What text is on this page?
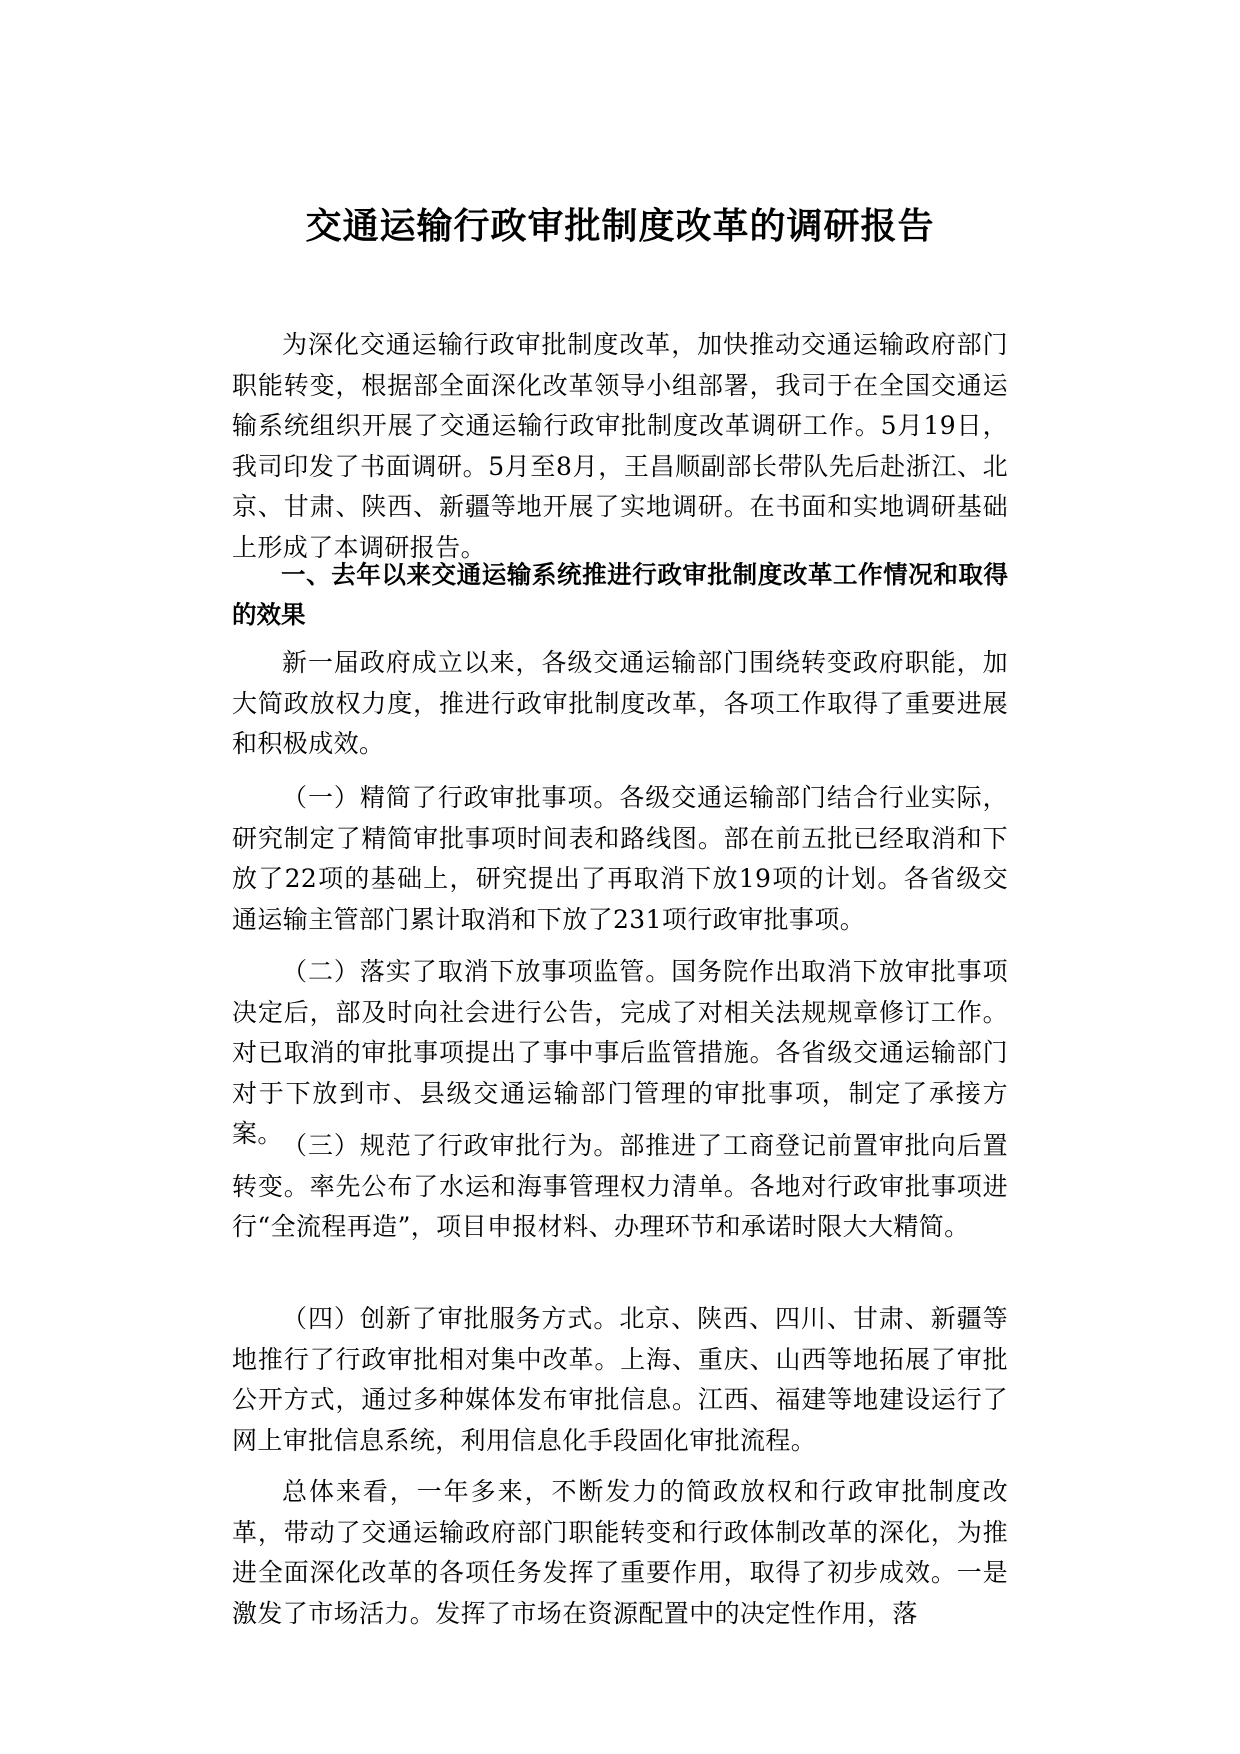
交通运输行政审批制度改革的调研报告

为深化交通运输行政审批制度改革，加快推动交通运输政府部门职能转变，根据部全面深化改革领导小组部署，我司于在全国交通运输系统组织开展了交通运输行政审批制度改革调研工作。5月19日，我司印发了书面调研。5月至8月，王昌顺副部长带队先后赴浙江、北京、甘肃、陕西、新疆等地开展了实地调研。在书面和实地调研基础上形成了本调研报告。

一、去年以来交通运输系统推进行政审批制度改革工作情况和取得的效果

新一届政府成立以来，各级交通运输部门围绕转变政府职能，加大简政放权力度，推进行政审批制度改革，各项工作取得了重要进展和积极成效。

（一）精简了行政审批事项。各级交通运输部门结合行业实际，研究制定了精简审批事项时间表和路线图。部在前五批已经取消和下放了22项的基础上，研究提出了再取消下放19项的计划。各省级交通运输主管部门累计取消和下放了231项行政审批事项。

（二）落实了取消下放事项监管。国务院作出取消下放审批事项决定后，部及时向社会进行公告，完成了对相关法规规章修订工作。对已取消的审批事项提出了事中事后监管措施。各省级交通运输部门对于下放到市、县级交通运输部门管理的审批事项，制定了承接方案。 （三）规范了行政审批行为。部推进了工商登记前置审批向后置转变。率先公布了水运和海事管理权力清单。各地对行政审批事项进行“全流程再造”，项目申报材料、办理环节和承诺时限大大精简。

（四）创新了审批服务方式。北京、陕西、四川、甘肃、新疆等地推行了行政审批相对集中改革。上海、重庆、山西等地拓展了审批公开方式，通过多种媒体发布审批信息。江西、福建等地建设运行了网上审批信息系统，利用信息化手段固化审批流程。

总体来看，一年多来，不断发力的简政放权和行政审批制度改革，带动了交通运输政府部门职能转变和行政体制改革的深化，为推进全面深化改革的各项任务发挥了重要作用，取得了初步成效。一是激发了市场活力。发挥了市场在资源配置中的决定性作用，落
